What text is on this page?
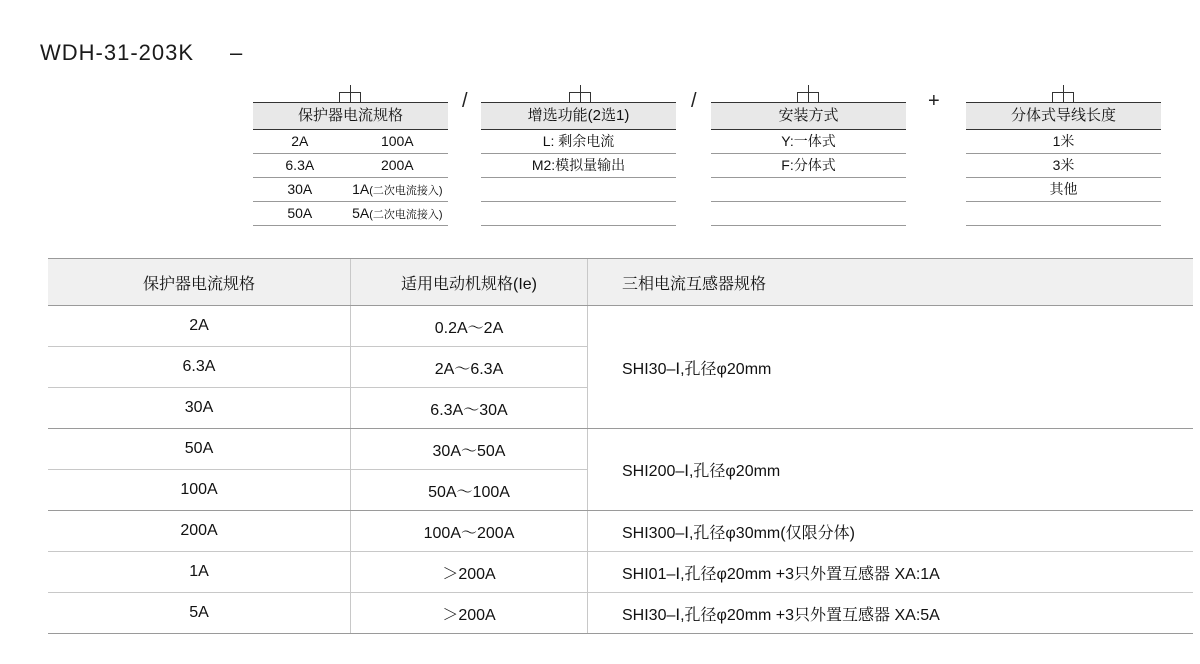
WDH-31-203K –
/	/	+
保护器电流规格
2A	100A
6.3A	200A
30A	1A(二次电流接入)
50A	5A(二次电流接入)
增选功能(2选1)
L: 剩余电流
M2:模拟量输出
安装方式
Y:一体式
F:分体式
分体式导线长度
1米
3米
其他
保护器电流规格	适用电动机规格(Ie)	三相电流互感器规格
2A	0.2A～2A	SHI30–Ⅰ,孔径φ20mm
6.3A	2A～6.3A	
30A	6.3A～30A	
50A	30A～50A	SHI200–Ⅰ,孔径φ20mm
100A	50A～100A	
200A	100A～200A	SHI300–Ⅰ,孔径φ30mm(仅限分体)
1A	＞200A	SHI01–Ⅰ,孔径φ20mm +3只外置互感器 XA:1A
5A	＞200A	SHI30–Ⅰ,孔径φ20mm +3只外置互感器 XA:5A
